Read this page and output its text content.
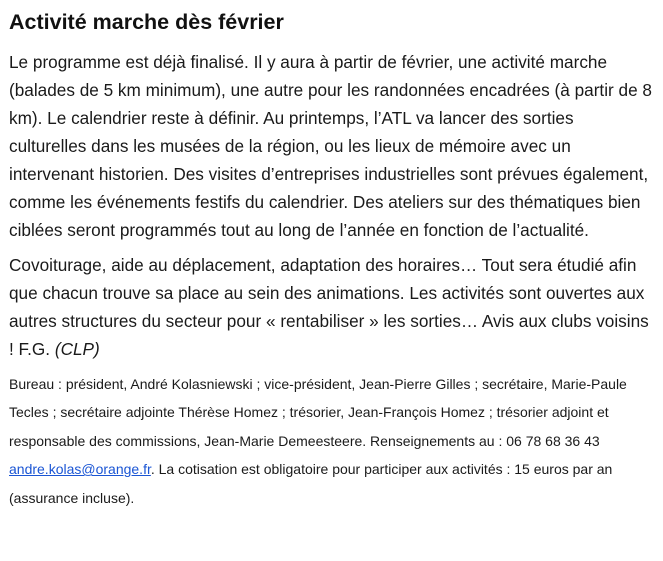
Activité marche dès février

Le programme est déjà finalisé. Il y aura à partir de février, une activité marche (balades de 5 km minimum), une autre pour les randonnées encadrées (à partir de 8 km). Le calendrier reste à définir. Au printemps, l’ATL va lancer des sorties culturelles dans les musées de la région, ou les lieux de mémoire avec un intervenant historien. Des visites d’entreprises industrielles sont prévues également, comme les événements festifs du calendrier. Des ateliers sur des thématiques bien ciblées seront programmés tout au long de l’année en fonction de l’actualité.

Covoiturage, aide au déplacement, adaptation des horaires… Tout sera étudié afin que chacun trouve sa place au sein des animations. Les activités sont ouvertes aux autres structures du secteur pour « rentabiliser » les sorties… Avis aux clubs voisins ! F.G. (CLP)

Bureau : président, André Kolasniewski ; vice-président, Jean-Pierre Gilles ; secrétaire, Marie-Paule Tecles ; secrétaire adjointe Thérèse Homez ; trésorier, Jean-François Homez ; trésorier adjoint et responsable des commissions, Jean-Marie Demeesteere. Renseignements au : 06 78 68 36 43 andre.kolas@orange.fr. La cotisation est obligatoire pour participer aux activités : 15 euros par an (assurance incluse).
